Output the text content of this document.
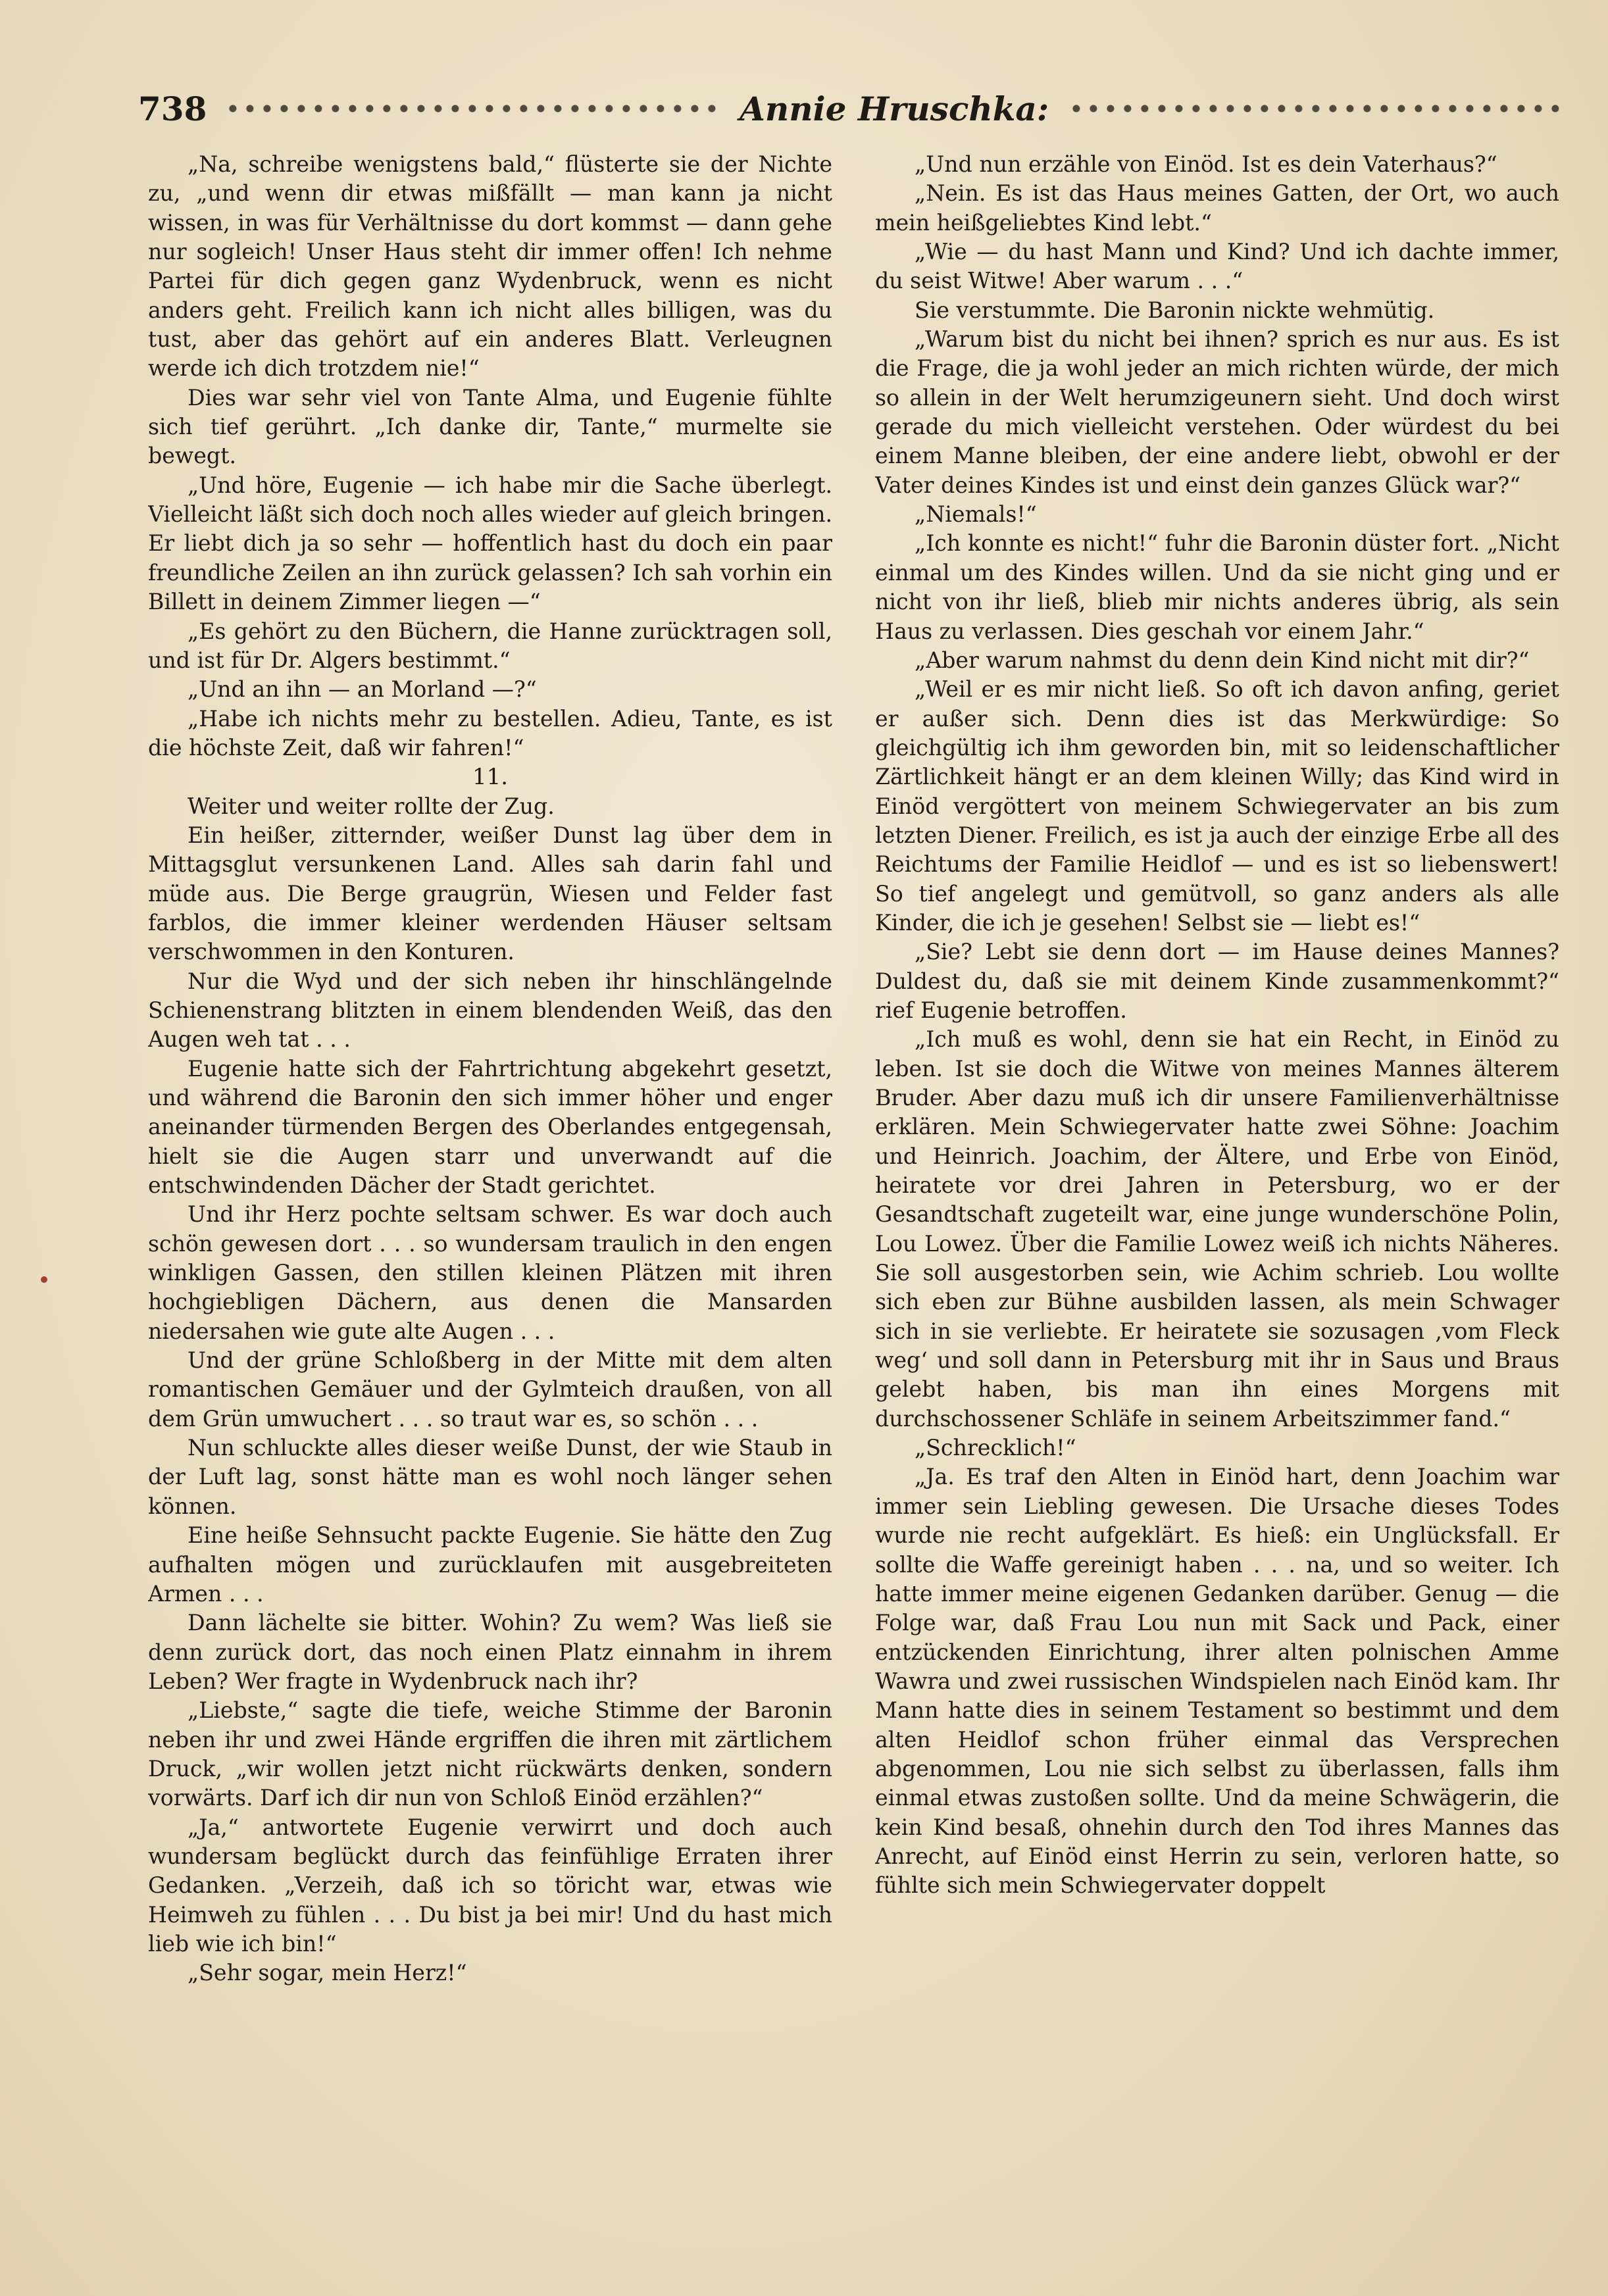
738	Annie Hruschka:

„Na, schreibe wenigstens bald,“ flüsterte sie der Nichte zu, „und wenn dir etwas mißfällt — man kann ja nicht wissen, in was für Verhältnisse du dort kommst — dann gehe nur sogleich! Unser Haus steht dir immer offen! Ich nehme Partei für dich gegen ganz Wydenbruck, wenn es nicht anders geht. Freilich kann ich nicht alles billigen, was du tust, aber das gehört auf ein anderes Blatt. Verleugnen werde ich dich trotzdem nie!“

Dies war sehr viel von Tante Alma, und Eugenie fühlte sich tief gerührt. „Ich danke dir, Tante,“ murmelte sie bewegt.

„Und höre, Eugenie — ich habe mir die Sache überlegt. Vielleicht läßt sich doch noch alles wieder auf gleich bringen. Er liebt dich ja so sehr — hoffentlich hast du doch ein paar freundliche Zeilen an ihn zurück gelassen? Ich sah vorhin ein Billett in deinem Zimmer liegen —“

„Es gehört zu den Büchern, die Hanne zurücktragen soll, und ist für Dr. Algers bestimmt.“

„Und an ihn — an Morland —?“

„Habe ich nichts mehr zu bestellen. Adieu, Tante, es ist die höchste Zeit, daß wir fahren!“

11.

Weiter und weiter rollte der Zug.

Ein heißer, zitternder, weißer Dunst lag über dem in Mittagsglut versunkenen Land. Alles sah darin fahl und müde aus. Die Berge graugrün, Wiesen und Felder fast farblos, die immer kleiner werdenden Häuser seltsam verschwommen in den Konturen.

Nur die Wyd und der sich neben ihr hinschlängelnde Schienenstrang blitzten in einem blendenden Weiß, das den Augen weh tat . . .

Eugenie hatte sich der Fahrtrichtung abgekehrt gesetzt, und während die Baronin den sich immer höher und enger aneinander türmenden Bergen des Oberlandes entgegensah, hielt sie die Augen starr und unverwandt auf die entschwindenden Dächer der Stadt gerichtet.

Und ihr Herz pochte seltsam schwer. Es war doch auch schön gewesen dort . . . so wundersam traulich in den engen winkligen Gassen, den stillen kleinen Plätzen mit ihren hochgiebligen Dächern, aus denen die Mansarden niedersahen wie gute alte Augen . . .

Und der grüne Schloßberg in der Mitte mit dem alten romantischen Gemäuer und der Gylmteich draußen, von all dem Grün umwuchert . . . so traut war es, so schön . . .

Nun schluckte alles dieser weiße Dunst, der wie Staub in der Luft lag, sonst hätte man es wohl noch länger sehen können.

Eine heiße Sehnsucht packte Eugenie. Sie hätte den Zug aufhalten mögen und zurücklaufen mit ausgebreiteten Armen . . .

Dann lächelte sie bitter. Wohin? Zu wem? Was ließ sie denn zurück dort, das noch einen Platz einnahm in ihrem Leben? Wer fragte in Wydenbruck nach ihr?

„Liebste,“ sagte die tiefe, weiche Stimme der Baronin neben ihr und zwei Hände ergriffen die ihren mit zärtlichem Druck, „wir wollen jetzt nicht rückwärts denken, sondern vorwärts. Darf ich dir nun von Schloß Einöd erzählen?“

„Ja,“ antwortete Eugenie verwirrt und doch auch wundersam beglückt durch das feinfühlige Erraten ihrer Gedanken. „Verzeih, daß ich so töricht war, etwas wie Heimweh zu fühlen . . . Du bist ja bei mir! Und du hast mich lieb wie ich bin!“

„Sehr sogar, mein Herz!“

„Und nun erzähle von Einöd. Ist es dein Vaterhaus?“

„Nein. Es ist das Haus meines Gatten, der Ort, wo auch mein heißgeliebtes Kind lebt.“

„Wie — du hast Mann und Kind? Und ich dachte immer, du seist Witwe! Aber warum . . .“

Sie verstummte. Die Baronin nickte wehmütig.

„Warum bist du nicht bei ihnen? sprich es nur aus. Es ist die Frage, die ja wohl jeder an mich richten würde, der mich so allein in der Welt herumzigeunern sieht. Und doch wirst gerade du mich vielleicht verstehen. Oder würdest du bei einem Manne bleiben, der eine andere liebt, obwohl er der Vater deines Kindes ist und einst dein ganzes Glück war?“

„Niemals!“

„Ich konnte es nicht!“ fuhr die Baronin düster fort. „Nicht einmal um des Kindes willen. Und da sie nicht ging und er nicht von ihr ließ, blieb mir nichts anderes übrig, als sein Haus zu verlassen. Dies geschah vor einem Jahr.“

„Aber warum nahmst du denn dein Kind nicht mit dir?“

„Weil er es mir nicht ließ. So oft ich davon anfing, geriet er außer sich. Denn dies ist das Merkwürdige: So gleichgültig ich ihm geworden bin, mit so leidenschaftlicher Zärtlichkeit hängt er an dem kleinen Willy; das Kind wird in Einöd vergöttert von meinem Schwiegervater an bis zum letzten Diener. Freilich, es ist ja auch der einzige Erbe all des Reichtums der Familie Heidlof — und es ist so liebenswert! So tief angelegt und gemütvoll, so ganz anders als alle Kinder, die ich je gesehen! Selbst sie — liebt es!“

„Sie? Lebt sie denn dort — im Hause deines Mannes? Duldest du, daß sie mit deinem Kinde zusammenkommt?“ rief Eugenie betroffen.

„Ich muß es wohl, denn sie hat ein Recht, in Einöd zu leben. Ist sie doch die Witwe von meines Mannes älterem Bruder. Aber dazu muß ich dir unsere Familienverhältnisse erklären. Mein Schwiegervater hatte zwei Söhne: Joachim und Heinrich. Joachim, der Ältere, und Erbe von Einöd, heiratete vor drei Jahren in Petersburg, wo er der Gesandtschaft zugeteilt war, eine junge wunderschöne Polin, Lou Lowez. Über die Familie Lowez weiß ich nichts Näheres. Sie soll ausgestorben sein, wie Achim schrieb. Lou wollte sich eben zur Bühne ausbilden lassen, als mein Schwager sich in sie verliebte. Er heiratete sie sozusagen ‚vom Fleck weg‘ und soll dann in Petersburg mit ihr in Saus und Braus gelebt haben, bis man ihn eines Morgens mit durchschossener Schläfe in seinem Arbeitszimmer fand.“

„Schrecklich!“

„Ja. Es traf den Alten in Einöd hart, denn Joachim war immer sein Liebling gewesen. Die Ursache dieses Todes wurde nie recht aufgeklärt. Es hieß: ein Unglücksfall. Er sollte die Waffe gereinigt haben . . . na, und so weiter. Ich hatte immer meine eigenen Gedanken darüber. Genug — die Folge war, daß Frau Lou nun mit Sack und Pack, einer entzückenden Einrichtung, ihrer alten polnischen Amme Wawra und zwei russischen Windspielen nach Einöd kam. Ihr Mann hatte dies in seinem Testament so bestimmt und dem alten Heidlof schon früher einmal das Versprechen abgenommen, Lou nie sich selbst zu überlassen, falls ihm einmal etwas zustoßen sollte. Und da meine Schwägerin, die kein Kind besaß, ohnehin durch den Tod ihres Mannes das Anrecht, auf Einöd einst Herrin zu sein, verloren hatte, so fühlte sich mein Schwiegervater doppelt
